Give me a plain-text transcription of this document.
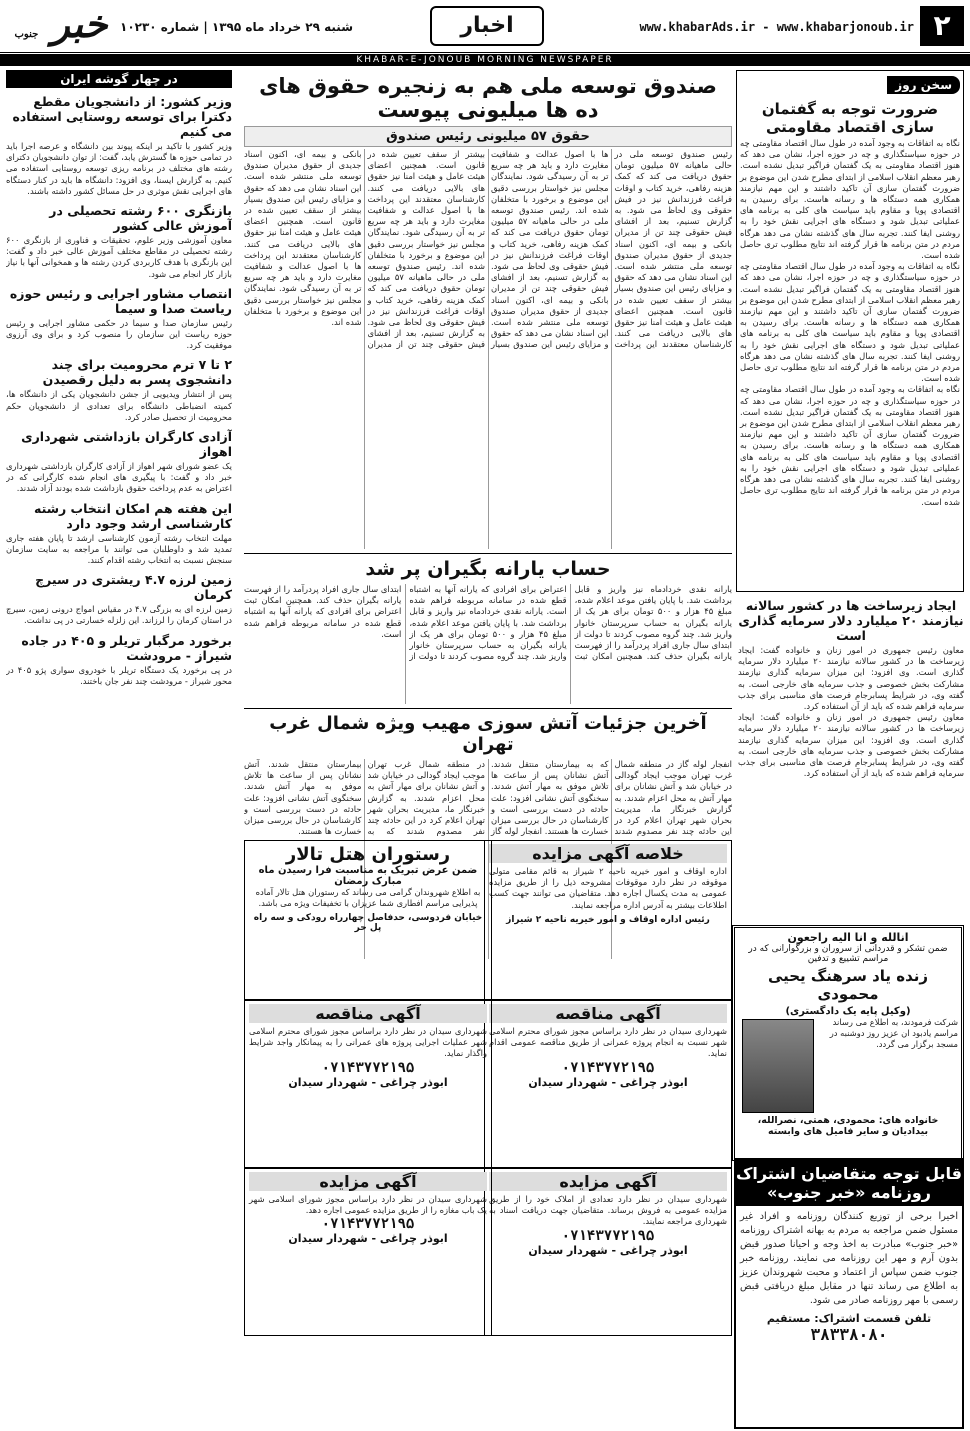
۲
www.khabarAds.ir - www.khabarjonoub.ir
اخبار
شنبه ۲۹ خرداد ماه ۱۳۹۵ | شماره ۱۰۲۳۰
خبر جنوب
KHABAR-E-JONOUB MORNING NEWSPAPER
سخن روز
ضرورت توجه به گفتمان سازی اقتصاد مقاومتی
نگاه به اتفاقات به وجود آمده در طول سال اقتصاد مقاومتی چه در حوزه سیاستگذاری و چه در حوزه اجرا، نشان می دهد که هنوز اقتصاد مقاومتی به یک گفتمان فراگیر تبدیل نشده است. رهبر معظم انقلاب اسلامی از ابتدای مطرح شدن این موضوع بر ضرورت گفتمان سازی آن تاکید داشتند و این مهم نیازمند همکاری همه دستگاه ها و رسانه هاست. برای رسیدن به اقتصادی پویا و مقاوم باید سیاست های کلی به برنامه های عملیاتی تبدیل شود و دستگاه های اجرایی نقش خود را به روشنی ایفا کنند. تجربه سال های گذشته نشان می دهد هرگاه مردم در متن برنامه ها قرار گرفته اند نتایج مطلوب تری حاصل شده است.
نگاه به اتفاقات به وجود آمده در طول سال اقتصاد مقاومتی چه در حوزه سیاستگذاری و چه در حوزه اجرا، نشان می دهد که هنوز اقتصاد مقاومتی به یک گفتمان فراگیر تبدیل نشده است. رهبر معظم انقلاب اسلامی از ابتدای مطرح شدن این موضوع بر ضرورت گفتمان سازی آن تاکید داشتند و این مهم نیازمند همکاری همه دستگاه ها و رسانه هاست. برای رسیدن به اقتصادی پویا و مقاوم باید سیاست های کلی به برنامه های عملیاتی تبدیل شود و دستگاه های اجرایی نقش خود را به روشنی ایفا کنند. تجربه سال های گذشته نشان می دهد هرگاه مردم در متن برنامه ها قرار گرفته اند نتایج مطلوب تری حاصل شده است.
نگاه به اتفاقات به وجود آمده در طول سال اقتصاد مقاومتی چه در حوزه سیاستگذاری و چه در حوزه اجرا، نشان می دهد که هنوز اقتصاد مقاومتی به یک گفتمان فراگیر تبدیل نشده است. رهبر معظم انقلاب اسلامی از ابتدای مطرح شدن این موضوع بر ضرورت گفتمان سازی آن تاکید داشتند و این مهم نیازمند همکاری همه دستگاه ها و رسانه هاست. برای رسیدن به اقتصادی پویا و مقاوم باید سیاست های کلی به برنامه های عملیاتی تبدیل شود و دستگاه های اجرایی نقش خود را به روشنی ایفا کنند. تجربه سال های گذشته نشان می دهد هرگاه مردم در متن برنامه ها قرار گرفته اند نتایج مطلوب تری حاصل شده است.
ایجاد زیرساخت ها در کشور سالانه نیازمند ۲۰ میلیارد دلار سرمایه گذاری است
معاون رئیس جمهوری در امور زنان و خانواده گفت: ایجاد زیرساخت ها در کشور سالانه نیازمند ۲۰ میلیارد دلار سرمایه گذاری است. وی افزود: این میزان سرمایه گذاری نیازمند مشارکت بخش خصوصی و جذب سرمایه های خارجی است. به گفته وی، در شرایط پسابرجام فرصت های مناسبی برای جذب سرمایه فراهم شده که باید از آن استفاده کرد.
معاون رئیس جمهوری در امور زنان و خانواده گفت: ایجاد زیرساخت ها در کشور سالانه نیازمند ۲۰ میلیارد دلار سرمایه گذاری است. وی افزود: این میزان سرمایه گذاری نیازمند مشارکت بخش خصوصی و جذب سرمایه های خارجی است. به گفته وی، در شرایط پسابرجام فرصت های مناسبی برای جذب سرمایه فراهم شده که باید از آن استفاده کرد.
انالله و انا الیه راجعون
ضمن تشکر و قدردانی از سروران و بزرگوارانی که در مراسم تشییع و تدفین
زنده یاد سرهنگ یحیی محمودی
(وکیل پایه یک دادگستری)
شرکت فرمودند، به اطلاع می رساند مراسم یادبود ان عزیز روز دوشنبه در مسجد برگزار می گردد.
خانواده های: محمودی، همتی، نصرالله، بیدادیان و سایر فامیل های وابسته
قابل توجه متقاضیان اشتراک روزنامه «خبر جنوب»
اخیرا برخی از توزیع کنندگان روزنامه و افراد غیر مسئول ضمن مراجعه به مردم به بهانه اشتراک روزنامه «خبر جنوب» مبادرت به اخذ وجه و احیانا صدور قبض بدون آرم و مهر این روزنامه می نمایند. روزنامه خبر جنوب ضمن سپاس از اعتماد و محبت شهروندان عزیز به اطلاع می رساند تنها در مقابل مبلغ دریافتی قبض رسمی با مهر روزنامه صادر می شود.
تلفن قسمت اشتراک: مستقیم
۳۸۳۳۸۰۸۰
صندوق توسعه ملی هم به زنجیره حقوق های ده ها میلیونی پیوست
حقوق ۵۷ میلیونی رئیس صندوق
رئیس صندوق توسعه ملی در حالی ماهیانه ۵۷ میلیون تومان حقوق دریافت می کند که کمک هزینه رفاهی، خرید کتاب و اوقات فراغت فرزندانش نیز در فیش حقوقی وی لحاظ می شود. به گزارش تسنیم، بعد از افشای فیش حقوقی چند تن از مدیران بانکی و بیمه ای، اکنون اسناد جدیدی از حقوق مدیران صندوق توسعه ملی منتشر شده است. این اسناد نشان می دهد که حقوق و مزایای رئیس این صندوق بسیار بیشتر از سقف تعیین شده در قانون است. همچنین اعضای هیئت عامل و هیئت امنا نیز حقوق های بالایی دریافت می کنند. کارشناسان معتقدند این پرداخت ها با اصول عدالت و شفافیت مغایرت دارد و باید هر چه سریع تر به آن رسیدگی شود. نمایندگان مجلس نیز خواستار بررسی دقیق این موضوع و برخورد با متخلفان شده اند. رئیس صندوق توسعه ملی در حالی ماهیانه ۵۷ میلیون تومان حقوق دریافت می کند که کمک هزینه رفاهی، خرید کتاب و اوقات فراغت فرزندانش نیز در فیش حقوقی وی لحاظ می شود. به گزارش تسنیم، بعد از افشای فیش حقوقی چند تن از مدیران بانکی و بیمه ای، اکنون اسناد جدیدی از حقوق مدیران صندوق توسعه ملی منتشر شده است. این اسناد نشان می دهد که حقوق و مزایای رئیس این صندوق بسیار بیشتر از سقف تعیین شده در قانون است. همچنین اعضای هیئت عامل و هیئت امنا نیز حقوق های بالایی دریافت می کنند. کارشناسان معتقدند این پرداخت ها با اصول عدالت و شفافیت مغایرت دارد و باید هر چه سریع تر به آن رسیدگی شود. نمایندگان مجلس نیز خواستار بررسی دقیق این موضوع و برخورد با متخلفان شده اند. رئیس صندوق توسعه ملی در حالی ماهیانه ۵۷ میلیون تومان حقوق دریافت می کند که کمک هزینه رفاهی، خرید کتاب و اوقات فراغت فرزندانش نیز در فیش حقوقی وی لحاظ می شود. به گزارش تسنیم، بعد از افشای فیش حقوقی چند تن از مدیران بانکی و بیمه ای، اکنون اسناد جدیدی از حقوق مدیران صندوق توسعه ملی منتشر شده است. این اسناد نشان می دهد که حقوق و مزایای رئیس این صندوق بسیار بیشتر از سقف تعیین شده در قانون است. همچنین اعضای هیئت عامل و هیئت امنا نیز حقوق های بالایی دریافت می کنند. کارشناسان معتقدند این پرداخت ها با اصول عدالت و شفافیت مغایرت دارد و باید هر چه سریع تر به آن رسیدگی شود. نمایندگان مجلس نیز خواستار بررسی دقیق این موضوع و برخورد با متخلفان شده اند.
حساب یارانه بگیران پر شد
یارانه نقدی خردادماه نیز واریز و قابل برداشت شد. با پایان یافتن موعد اعلام شده، مبلغ ۴۵ هزار و ۵۰۰ تومان برای هر یک از یارانه بگیران به حساب سرپرستان خانوار واریز شد. چند گروه مصوب کردند تا دولت از ابتدای سال جاری افراد پردرآمد را از فهرست یارانه بگیران حذف کند. همچنین امکان ثبت اعتراض برای افرادی که یارانه آنها به اشتباه قطع شده در سامانه مربوطه فراهم شده است. یارانه نقدی خردادماه نیز واریز و قابل برداشت شد. با پایان یافتن موعد اعلام شده، مبلغ ۴۵ هزار و ۵۰۰ تومان برای هر یک از یارانه بگیران به حساب سرپرستان خانوار واریز شد. چند گروه مصوب کردند تا دولت از ابتدای سال جاری افراد پردرآمد را از فهرست یارانه بگیران حذف کند. همچنین امکان ثبت اعتراض برای افرادی که یارانه آنها به اشتباه قطع شده در سامانه مربوطه فراهم شده است.
آخرین جزئیات آتش سوزی مهیب ویژه شمال غرب تهران
انفجار لوله گاز در منطقه شمال غرب تهران موجب ایجاد گودالی در خیابان شد و آتش نشانان برای مهار آتش به محل اعزام شدند. به گزارش خبرنگار ما، مدیریت بحران شهر تهران اعلام کرد در این حادثه چند نفر مصدوم شدند که به بیمارستان منتقل شدند. آتش نشانان پس از ساعت ها تلاش موفق به مهار آتش شدند. سخنگوی آتش نشانی افزود: علت حادثه در دست بررسی است و کارشناسان در حال بررسی میزان خسارت ها هستند. انفجار لوله گاز در منطقه شمال غرب تهران موجب ایجاد گودالی در خیابان شد و آتش نشانان برای مهار آتش به محل اعزام شدند. به گزارش خبرنگار ما، مدیریت بحران شهر تهران اعلام کرد در این حادثه چند نفر مصدوم شدند که به بیمارستان منتقل شدند. آتش نشانان پس از ساعت ها تلاش موفق به مهار آتش شدند. سخنگوی آتش نشانی افزود: علت حادثه در دست بررسی است و کارشناسان در حال بررسی میزان خسارت ها هستند.
خلاصه آگهی مزایده
اداره اوقاف و امور خیریه ناحیه ۲ شیراز به قائم مقامی متولی موقوفه در نظر دارد موقوفات مشروحه ذیل را از طریق مزایده عمومی به مدت یکسال اجاره دهد. متقاضیان می توانند جهت کسب اطلاعات بیشتر به آدرس اداره مراجعه نمایند.
رئیس اداره اوقاف و امور خیریه ناحیه ۲ شیراز
رستوران هتل تالار
ضمن عرض تبریک به مناسبت فرا رسیدن ماه مبارک رمضان
به اطلاع شهروندان گرامی می رساند که رستوران هتل تالار آماده پذیرایی مراسم افطاری شما عزیزان با تخفیفات ویژه می باشد.
خیابان فردوسی، حدفاصل چهارراه رودکی و سه راه پل حر
آگهی مناقصه
شهرداری سیدان در نظر دارد براساس مجوز شورای محترم اسلامی شهر نسبت به انجام پروژه عمرانی از طریق مناقصه عمومی اقدام نماید.
۰۷۱۴۳۷۷۲۱۹۵
ابوذر چراغی - شهردار سیدان
آگهی مناقصه
شهرداری سیدان در نظر دارد براساس مجوز شورای محترم اسلامی شهر عملیات اجرایی پروژه های عمرانی را به پیمانکار واجد شرایط واگذار نماید.
۰۷۱۴۳۷۷۲۱۹۵
ابوذر چراغی - شهردار سیدان
آگهی مزایده
شهرداری سیدان در نظر دارد تعدادی از املاک خود را از طریق مزایده عمومی به فروش برساند. متقاضیان جهت دریافت اسناد به شهرداری مراجعه نمایند.
۰۷۱۴۳۷۷۲۱۹۵
ابوذر چراغی - شهردار سیدان
آگهی مزایده
شهرداری سیدان در نظر دارد براساس مجوز شورای اسلامی شهر یک باب مغازه را از طریق مزایده عمومی اجاره دهد.
۰۷۱۴۳۷۷۲۱۹۵
ابوذر چراغی - شهردار سیدان
در چهار گوشه ایران
وزیر کشور: از دانشجویان مقطع دکترا برای توسعه روستایی استفاده می کنیم
وزیر کشور با تاکید بر اینکه پیوند بین دانشگاه و عرصه اجرا باید در تمامی حوزه ها گسترش یابد، گفت: از توان دانشجویان دکترای رشته های مختلف در برنامه ریزی توسعه روستایی استفاده می کنیم. به گزارش ایسنا، وی افزود: دانشگاه ها باید در کنار دستگاه های اجرایی نقش موثری در حل مسائل کشور داشته باشند.
بازنگری ۶۰۰ رشته تحصیلی در آموزش عالی کشور
معاون آموزشی وزیر علوم، تحقیقات و فناوری از بازنگری ۶۰۰ رشته تحصیلی در مقاطع مختلف آموزش عالی خبر داد و گفت: این بازنگری با هدف کاربردی کردن رشته ها و همخوانی آنها با نیاز بازار کار انجام می شود.
انتصاب مشاور اجرایی و رئیس حوزه ریاست صدا و سیما
رئیس سازمان صدا و سیما در حکمی مشاور اجرایی و رئیس حوزه ریاست این سازمان را منصوب کرد و برای وی آرزوی موفقیت کرد.
۲ تا ۷ ترم محرومیت برای چند دانشجوی پسر به دلیل رقصیدن
پس از انتشار ویدیویی از جشن دانشجویان یکی از دانشگاه ها، کمیته انضباطی دانشگاه برای تعدادی از دانشجویان حکم محرومیت از تحصیل صادر کرد.
آزادی کارگران بازداشتی شهرداری اهواز
یک عضو شورای شهر اهواز از آزادی کارگران بازداشتی شهرداری خبر داد و گفت: با پیگیری های انجام شده کارگرانی که در اعتراض به عدم پرداخت حقوق بازداشت شده بودند آزاد شدند.
این هفته هم امکان انتخاب رشته کارشناسی ارشد وجود دارد
مهلت انتخاب رشته آزمون کارشناسی ارشد تا پایان هفته جاری تمدید شد و داوطلبان می توانند با مراجعه به سایت سازمان سنجش نسبت به انتخاب رشته اقدام کنند.
زمین لرزه ۴.۷ ریشتری در سیرچ کرمان
زمین لرزه ای به بزرگی ۴.۷ در مقیاس امواج درونی زمین، سیرچ در استان کرمان را لرزاند. این زلزله خسارتی در پی نداشت.
برخورد مرگبار تریلر و ۴۰۵ در جاده شیراز - مرودشت
در پی برخورد یک دستگاه تریلر با خودروی سواری پژو ۴۰۵ در محور شیراز - مرودشت چند نفر جان باختند.
